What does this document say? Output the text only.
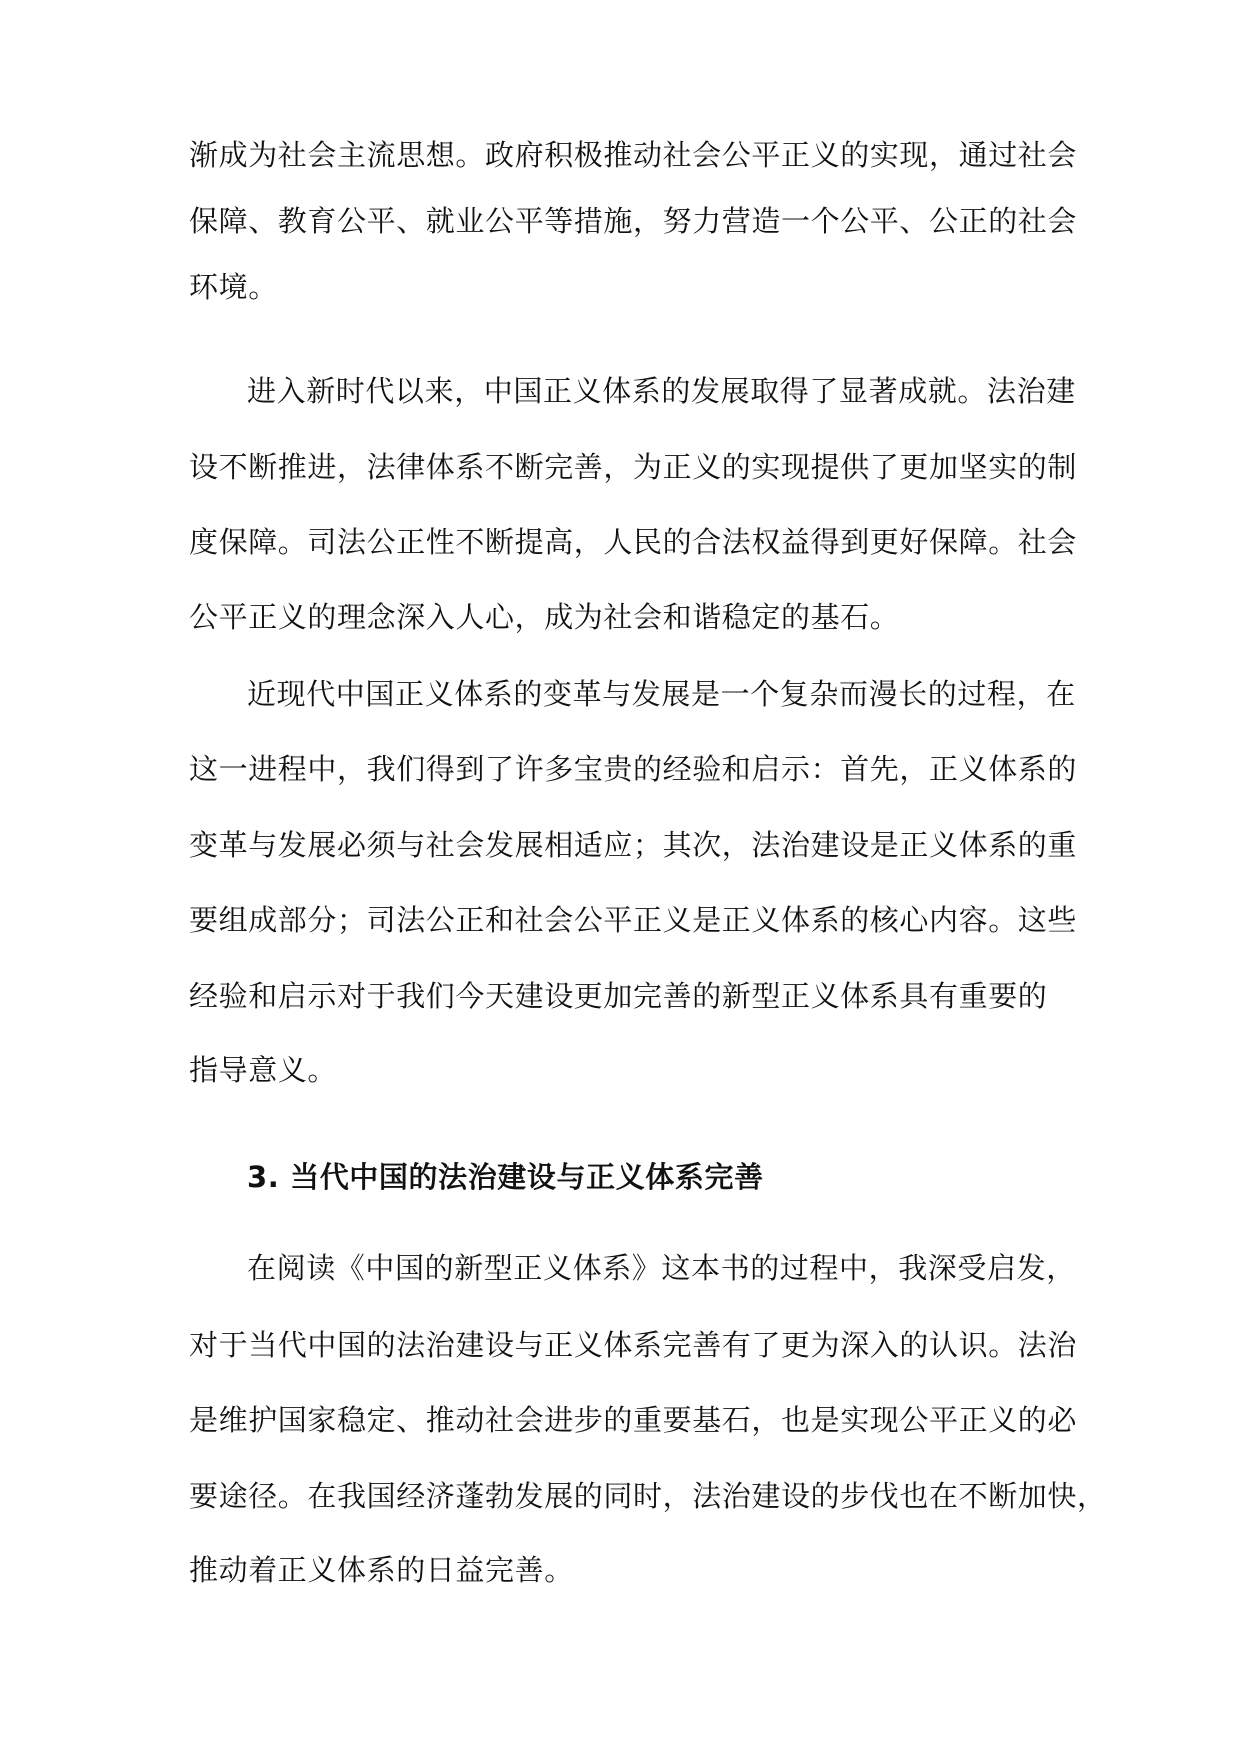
渐成为社会主流思想。政府积极推动社会公平正义的实现，通过社会
保障、教育公平、就业公平等措施，努力营造一个公平、公正的社会
环境。
进入新时代以来，中国正义体系的发展取得了显著成就。法治建
设不断推进，法律体系不断完善，为正义的实现提供了更加坚实的制
度保障。司法公正性不断提高，人民的合法权益得到更好保障。社会
公平正义的理念深入人心，成为社会和谐稳定的基石。
近现代中国正义体系的变革与发展是一个复杂而漫长的过程，在
这一进程中，我们得到了许多宝贵的经验和启示：首先，正义体系的
变革与发展必须与社会发展相适应；其次，法治建设是正义体系的重
要组成部分；司法公正和社会公平正义是正义体系的核心内容。这些
经验和启示对于我们今天建设更加完善的新型正义体系具有重要的
指导意义。
3. 当代中国的法治建设与正义体系完善
在阅读《中国的新型正义体系》这本书的过程中，我深受启发，
对于当代中国的法治建设与正义体系完善有了更为深入的认识。法治
是维护国家稳定、推动社会进步的重要基石，也是实现公平正义的必
要途径。在我国经济蓬勃发展的同时，法治建设的步伐也在不断加快，
推动着正义体系的日益完善。
